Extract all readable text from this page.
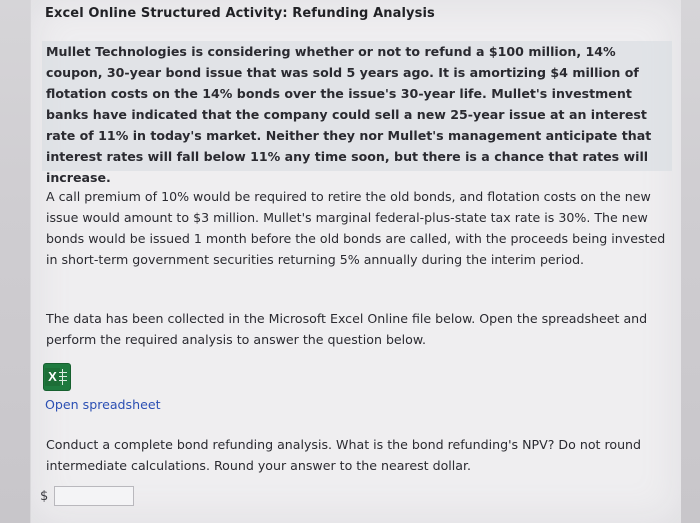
Excel Online Structured Activity: Refunding Analysis
Mullet Technologies is considering whether or not to refund a $100 million, 14% coupon, 30-year bond issue that was sold 5 years ago. It is amortizing $4 million of flotation costs on the 14% bonds over the issue's 30-year life. Mullet's investment banks have indicated that the company could sell a new 25-year issue at an interest rate of 11% in today's market. Neither they nor Mullet's management anticipate that interest rates will fall below 11% any time soon, but there is a chance that rates will increase.
A call premium of 10% would be required to retire the old bonds, and flotation costs on the new issue would amount to $3 million. Mullet's marginal federal-plus-state tax rate is 30%. The new bonds would be issued 1 month before the old bonds are called, with the proceeds being invested in short-term government securities returning 5% annually during the interim period.
The data has been collected in the Microsoft Excel Online file below. Open the spreadsheet and perform the required analysis to answer the question below.
X
Open spreadsheet
Conduct a complete bond refunding analysis. What is the bond refunding's NPV? Do not round intermediate calculations. Round your answer to the nearest dollar.
$
